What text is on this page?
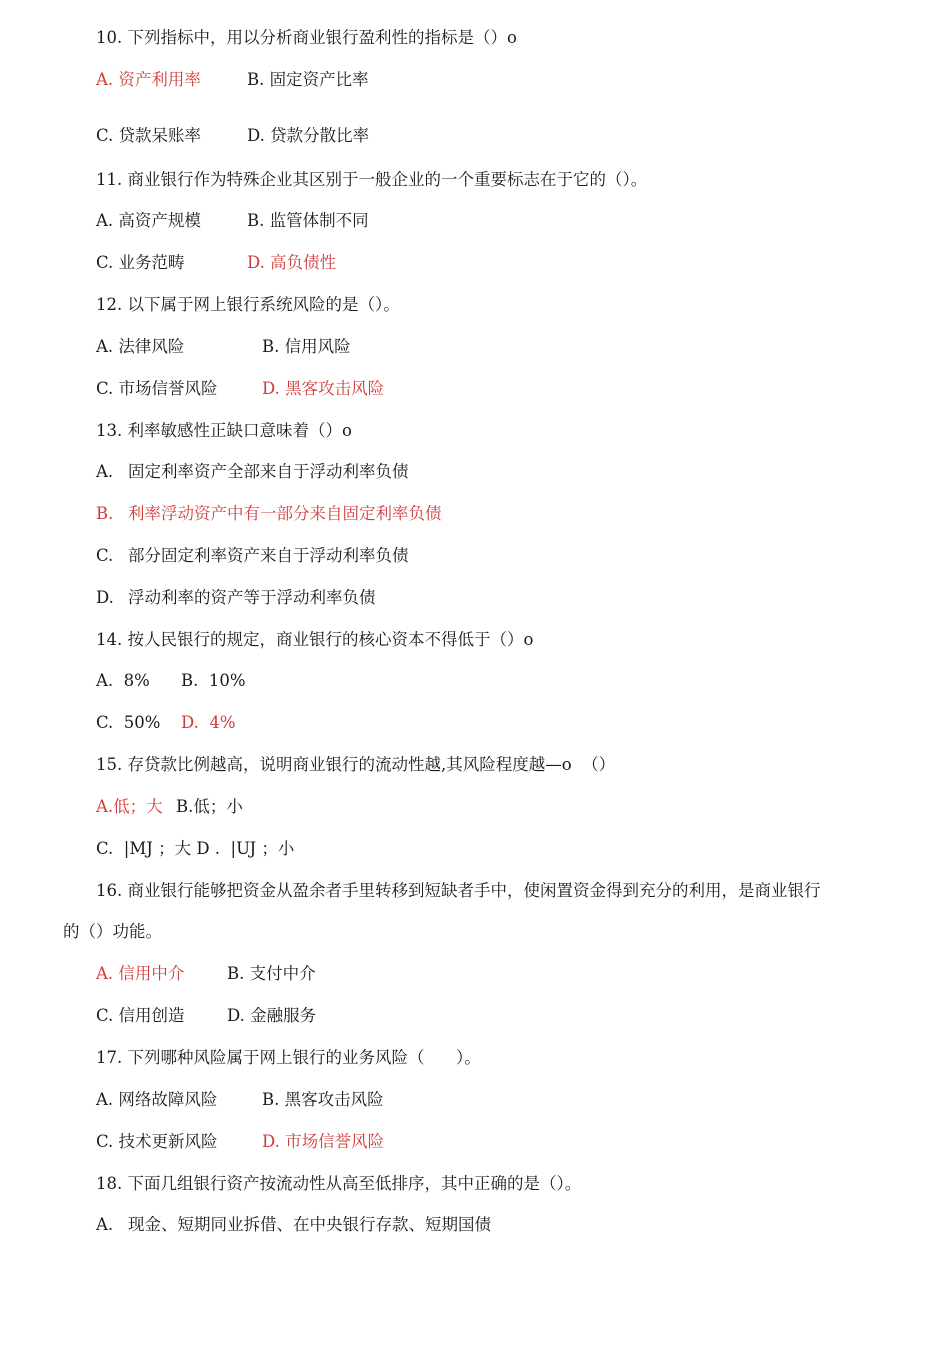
10. 下列指标中，用以分析商业银行盈利性的指标是（）o
A. 资产利用率	B. 固定资产比率
C. 贷款呆账率	D. 贷款分散比率
11. 商业银行作为特殊企业其区别于一般企业的一个重要标志在于它的（）。
A. 高资产规模	B. 监管体制不同
C. 业务范畴	D. 高负债性
12. 以下属于网上银行系统风险的是（）。
A. 法律风险	B. 信用风险
C. 市场信誉风险	D. 黑客攻击风险
13. 利率敏感性正缺口意味着（）o
A. 固定利率资产全部来自于浮动利率负债
B. 利率浮动资产中有一部分来自固定利率负债
C. 部分固定利率资产来自于浮动利率负债
D. 浮动利率的资产等于浮动利率负债
14. 按人民银行的规定，商业银行的核心资本不得低于（）o
A.  8% B.  10%
C.  50% D.  4%
15. 存贷款比例越高，说明商业银行的流动性越,其风险程度越—o  （）
A.低；大 B.低；小
C.  |MJ ；大 D .  |UJ ；小
16. 商业银行能够把资金从盈余者手里转移到短缺者手中，使闲置资金得到充分的利用，是商业银行
的（）功能。
A. 信用中介	B. 支付中介
C. 信用创造	D. 金融服务
17. 下列哪种风险属于网上银行的业务风险（      ）。
A. 网络故障风险	B. 黑客攻击风险
C. 技术更新风险	D. 市场信誉风险
18. 下面几组银行资产按流动性从高至低排序，其中正确的是（）。
A. 现金、短期同业拆借、在中央银行存款、短期国债
